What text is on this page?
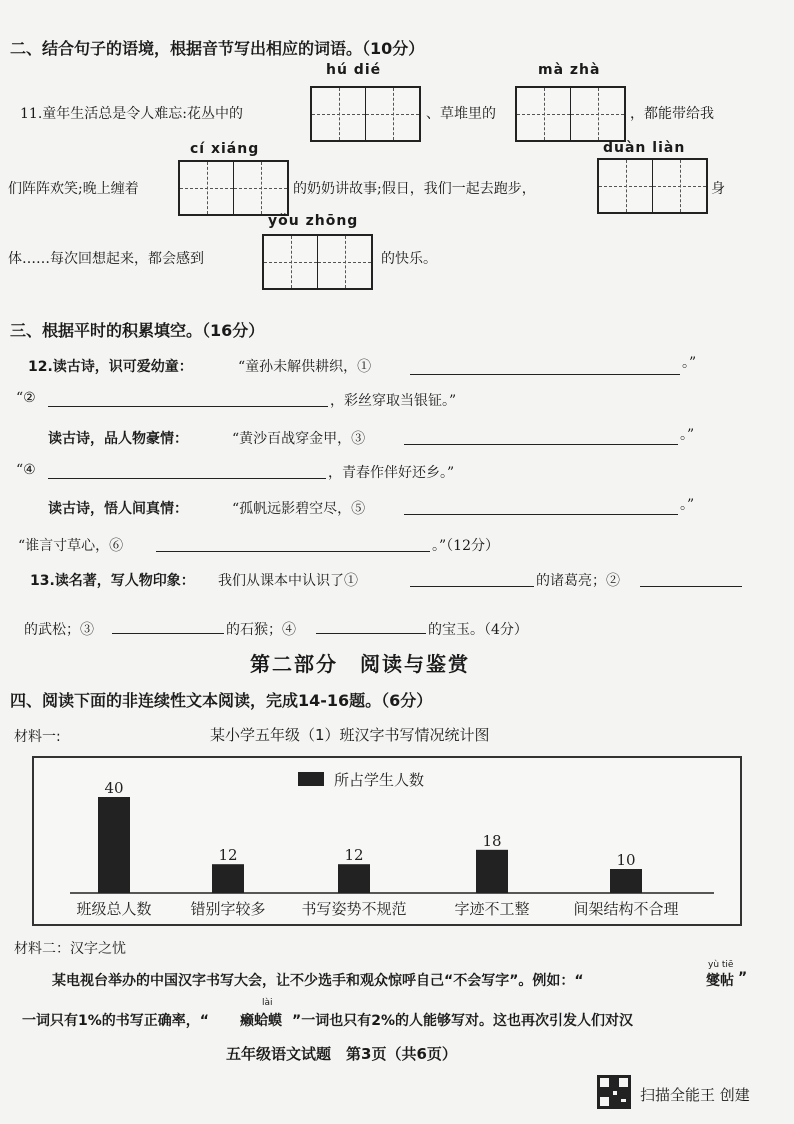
二、结合句子的语境，根据音节写出相应的词语。（10分）
hú dié	mà zhà
11.童年生活总是令人难忘:花丛中的	、草堆里的	，都能带给我
cí xiáng	duàn liàn
们阵阵欢笑;晚上缠着	的奶奶讲故事;假日，我们一起去跑步，	身
yǒu zhōng
体……每次回想起来，都会感到	的快乐。
三、根据平时的积累填空。（16分）
12.读古诗，识可爱幼童：	“童孙未解供耕织，①	。”
“②	，彩丝穿取当银钲。”
读古诗，品人物豪情：	“黄沙百战穿金甲，③	。”
“④	，青春作伴好还乡。”
读古诗，悟人间真情：	“孤帆远影碧空尽，⑤	。”
“谁言寸草心，⑥	。”（12分）
13.读名著，写人物印象： 我们从课本中认识了①	的诸葛亮；②
的武松；③	的石猴；④	的宝玉。（4分）
第二部分　阅读与鉴赏
四、阅读下面的非连续性文本阅读，完成14-16题。（6分）
材料一:	某小学五年级（1）班汉字书写情况统计图
所占学生人数
40
班级总人数
12
错别字较多
12
书写姿势不规范
18
字迹不工整
10
间架结构不合理
材料二：汉字之忧
某电视台举办的中国汉字书写大会，让不少选手和观众惊呼自己“不会写字”。例如：“
yù tiē
燮帖 ”
一词只有1%的书写正确率，“
lài
癞蛤蟆 ”一词也只有2%的人能够写对。这也再次引发人们对汉
五年级语文试题　第3页（共6页）
扫描全能王 创建
